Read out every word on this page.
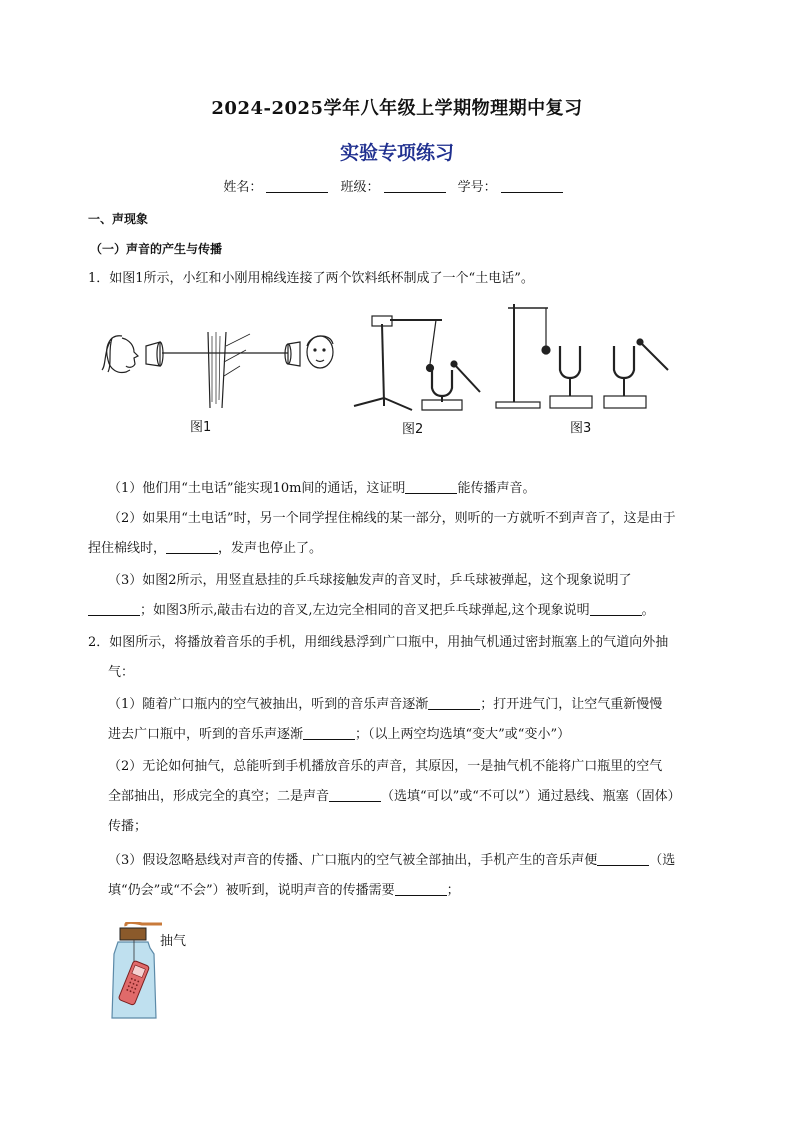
2024-2025学年八年级上学期物理期中复习
实验专项练习
姓名：	班级：	学号：
一、声现象
（一）声音的产生与传播
1．如图1所示，小红和小刚用棉线连接了两个饮料纸杯制成了一个“土电话”。
图1	图2	图3
（1）他们用“土电话”能实现10m间的通话，这证明	能传播声音。
（2）如果用“土电话”时，另一个同学捏住棉线的某一部分，则听的一方就听不到声音了，这是由于
捏住棉线时，	，发声也停止了。
（3）如图2所示，用竖直悬挂的乒乓球接触发声的音叉时，乒乓球被弹起，这个现象说明了
；如图3所示,敲击右边的音叉,左边完全相同的音叉把乒乓球弹起,这个现象说明	。
2．如图所示，将播放着音乐的手机，用细线悬浮到广口瓶中，用抽气机通过密封瓶塞上的气道向外抽
气：
（1）随着广口瓶内的空气被抽出，听到的音乐声音逐渐	；打开进气门，让空气重新慢慢
进去广口瓶中，听到的音乐声逐渐	；（以上两空均选填“变大”或“变小”）
（2）无论如何抽气，总能听到手机播放音乐的声音，其原因，一是抽气机不能将广口瓶里的空气
全部抽出，形成完全的真空；二是声音	（选填“可以”或“不可以”）通过悬线、瓶塞（固体）
传播；
（3）假设忽略悬线对声音的传播、广口瓶内的空气被全部抽出，手机产生的音乐声便	（选
填“仍会”或“不会”）被听到，说明声音的传播需要	；
抽气
